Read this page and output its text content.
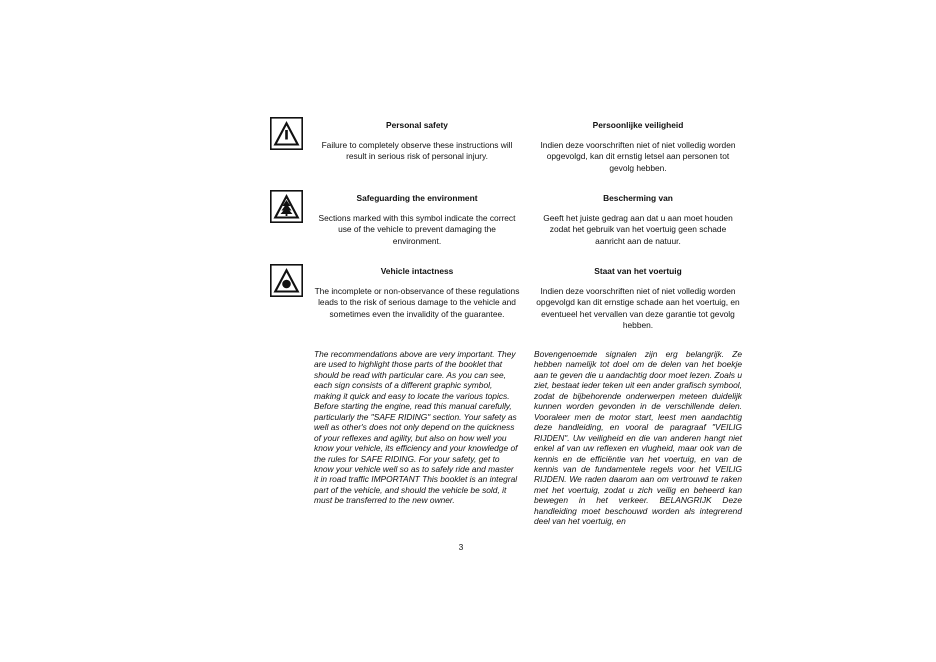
Personal safety
Failure to completely observe these instructions will result in serious risk of personal injury.
Persoonlijke veiligheid
Indien deze voorschriften niet of niet volledig worden opgevolgd, kan dit ernstig letsel aan personen tot gevolg hebben.
Safeguarding the environment
Sections marked with this symbol indicate the correct use of the vehicle to prevent damaging the environment.
Bescherming van
Geeft het juiste gedrag aan dat u aan moet houden zodat het gebruik van het voertuig geen schade aanricht aan de natuur.
Vehicle intactness
The incomplete or non-observance of these regulations leads to the risk of serious damage to the vehicle and sometimes even the invalidity of the guarantee.
Staat van het voertuig
Indien deze voorschriften niet of niet volledig worden opgevolgd kan dit ernstige schade aan het voertuig, en eventueel het vervallen van deze garantie tot gevolg hebben.
The recommendations above are very important. They are used to highlight those parts of the booklet that should be read with particular care. As you can see, each sign consists of a different graphic symbol, making it quick and easy to locate the various topics. Before starting the engine, read this manual carefully, particularly the "SAFE RIDING" section. Your safety as well as other's does not only depend on the quickness of your reflexes and agility, but also on how well you know your vehicle, its efficiency and your knowledge of the rules for SAFE RIDING. For your safety, get to know your vehicle well so as to safely ride and master it in road traffic IMPORTANT This booklet is an integral part of the vehicle, and should the vehicle be sold, it must be transferred to the new owner.
Bovengenoemde signalen zijn erg belangrijk. Ze hebben namelijk tot doel om de delen van het boekje aan te geven die u aandachtig door moet lezen. Zoals u ziet, bestaat ieder teken uit een ander grafisch symbool, zodat de bijbehorende onderwerpen meteen duidelijk kunnen worden gevonden in de verschillende delen. Vooraleer men de motor start, leest men aandachtig deze handleiding, en vooral de paragraaf "VEILIG RIJDEN". Uw veiligheid en die van anderen hangt niet enkel af van uw reflexen en vlugheid, maar ook van de kennis en de efficiëntie van het voertuig, en van de kennis van de fundamentele regels voor het VEILIG RIJDEN. We raden daarom aan om vertrouwd te raken met het voertuig, zodat u zich veilig en beheerd kan bewegen in het verkeer. BELANGRIJK Deze handleiding moet beschouwd worden als integrerend deel van het voertuig, en
3
